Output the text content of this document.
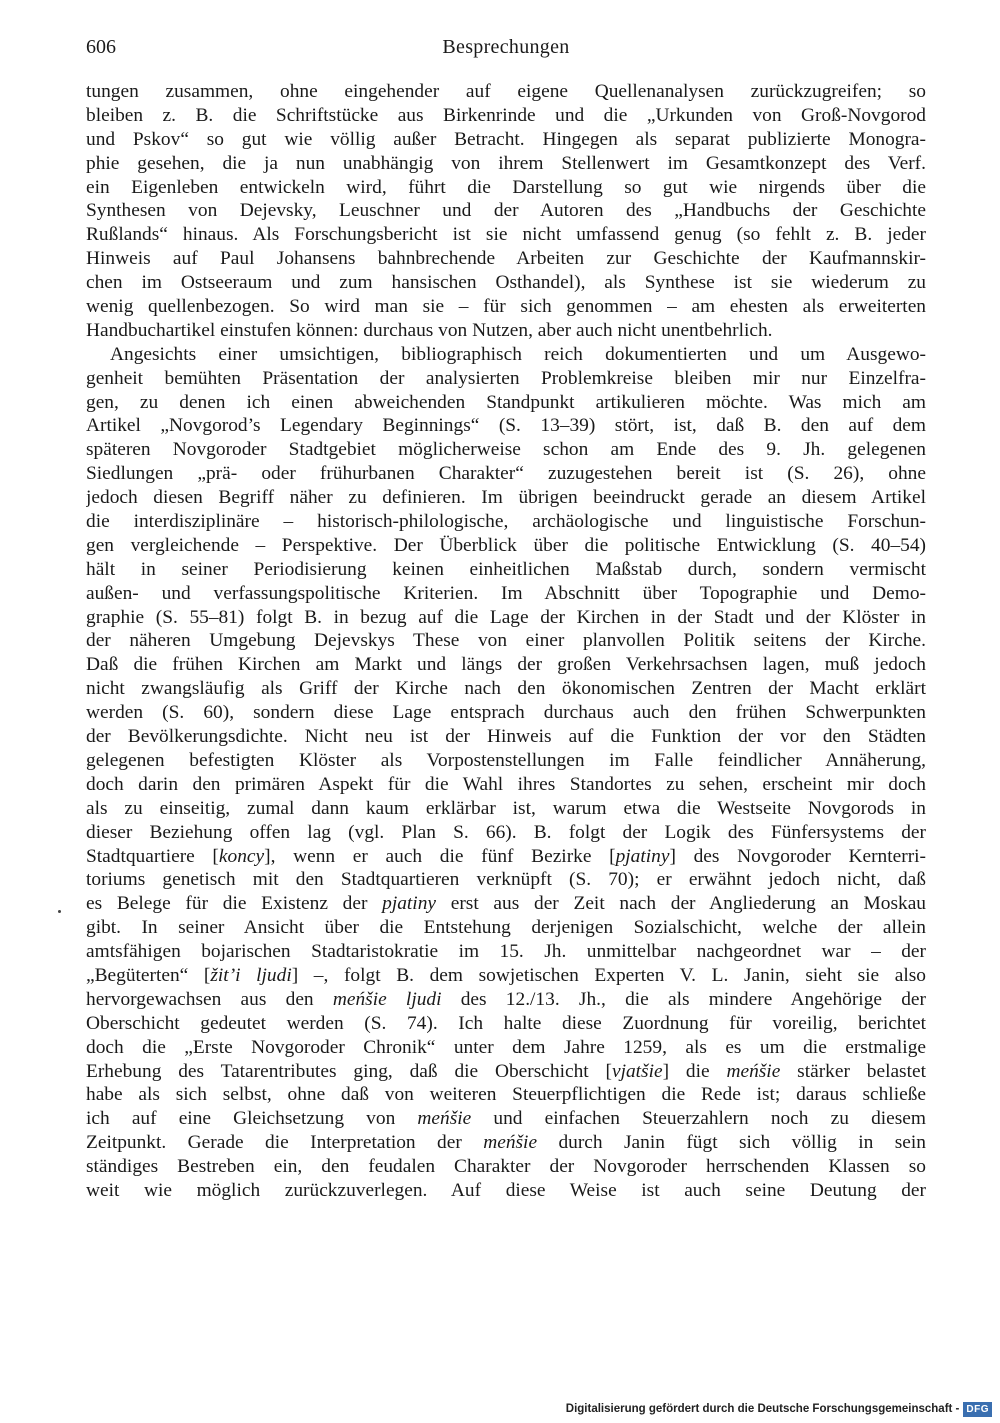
606	Besprechungen
tungen zusammen, ohne eingehender auf eigene Quellenanalysen zurückzugreifen; so
bleiben z. B. die Schriftstücke aus Birkenrinde und die „Urkunden von Groß-Novgorod
und Pskov“ so gut wie völlig außer Betracht. Hingegen als separat publizierte Monogra-
phie gesehen, die ja nun unabhängig von ihrem Stellenwert im Gesamtkonzept des Verf.
ein Eigenleben entwickeln wird, führt die Darstellung so gut wie nirgends über die
Synthesen von Dejevsky, Leuschner und der Autoren des „Handbuchs der Geschichte
Rußlands“ hinaus. Als Forschungsbericht ist sie nicht umfassend genug (so fehlt z. B. jeder
Hinweis auf Paul Johansens bahnbrechende Arbeiten zur Geschichte der Kaufmannskir-
chen im Ostseeraum und zum hansischen Osthandel), als Synthese ist sie wiederum zu
wenig quellenbezogen. So wird man sie – für sich genommen – am ehesten als erweiterten
Handbuchartikel einstufen können: durchaus von Nutzen, aber auch nicht unentbehrlich.
Angesichts einer umsichtigen, bibliographisch reich dokumentierten und um Ausgewo-
genheit bemühten Präsentation der analysierten Problemkreise bleiben mir nur Einzelfra-
gen, zu denen ich einen abweichenden Standpunkt artikulieren möchte. Was mich am
Artikel „Novgorod’s Legendary Beginnings“ (S. 13–39) stört, ist, daß B. den auf dem
späteren Novgoroder Stadtgebiet möglicherweise schon am Ende des 9. Jh. gelegenen
Siedlungen „prä- oder frühurbanen Charakter“ zuzugestehen bereit ist (S. 26), ohne
jedoch diesen Begriff näher zu definieren. Im übrigen beeindruckt gerade an diesem Artikel
die interdisziplinäre – historisch-philologische, archäologische und linguistische Forschun-
gen vergleichende – Perspektive. Der Überblick über die politische Entwicklung (S. 40–54)
hält in seiner Periodisierung keinen einheitlichen Maßstab durch, sondern vermischt
außen- und verfassungspolitische Kriterien. Im Abschnitt über Topographie und Demo-
graphie (S. 55–81) folgt B. in bezug auf die Lage der Kirchen in der Stadt und der Klöster in
der näheren Umgebung Dejevskys These von einer planvollen Politik seitens der Kirche.
Daß die frühen Kirchen am Markt und längs der großen Verkehrsachsen lagen, muß jedoch
nicht zwangsläufig als Griff der Kirche nach den ökonomischen Zentren der Macht erklärt
werden (S. 60), sondern diese Lage entsprach durchaus auch den frühen Schwerpunkten
der Bevölkerungsdichte. Nicht neu ist der Hinweis auf die Funktion der vor den Städten
gelegenen befestigten Klöster als Vorpostenstellungen im Falle feindlicher Annäherung,
doch darin den primären Aspekt für die Wahl ihres Standortes zu sehen, erscheint mir doch
als zu einseitig, zumal dann kaum erklärbar ist, warum etwa die Westseite Novgorods in
dieser Beziehung offen lag (vgl. Plan S. 66). B. folgt der Logik des Fünfersystems der
Stadtquartiere [koncy], wenn er auch die fünf Bezirke [pjatiny] des Novgoroder Kernterri-
toriums genetisch mit den Stadtquartieren verknüpft (S. 70); er erwähnt jedoch nicht, daß
es Belege für die Existenz der pjatiny erst aus der Zeit nach der Angliederung an Moskau
gibt. In seiner Ansicht über die Entstehung derjenigen Sozialschicht, welche der allein
amtsfähigen bojarischen Stadtaristokratie im 15. Jh. unmittelbar nachgeordnet war – der
„Begüterten“ [žit’i ljudi] –, folgt B. dem sowjetischen Experten V. L. Janin, sieht sie also
hervorgewachsen aus den meńšie ljudi des 12./13. Jh., die als mindere Angehörige der
Oberschicht gedeutet werden (S. 74). Ich halte diese Zuordnung für voreilig, berichtet
doch die „Erste Novgoroder Chronik“ unter dem Jahre 1259, als es um die erstmalige
Erhebung des Tatarentributes ging, daß die Oberschicht [vjatšie] die meńšie stärker belastet
habe als sich selbst, ohne daß von weiteren Steuerpflichtigen die Rede ist; daraus schließe
ich auf eine Gleichsetzung von meńšie und einfachen Steuerzahlern noch zu diesem
Zeitpunkt. Gerade die Interpretation der meńšie durch Janin fügt sich völlig in sein
ständiges Bestreben ein, den feudalen Charakter der Novgoroder herrschenden Klassen so
weit wie möglich zurückzuverlegen. Auf diese Weise ist auch seine Deutung der
Digitalisierung gefördert durch die Deutsche Forschungsgemeinschaft - DFG
